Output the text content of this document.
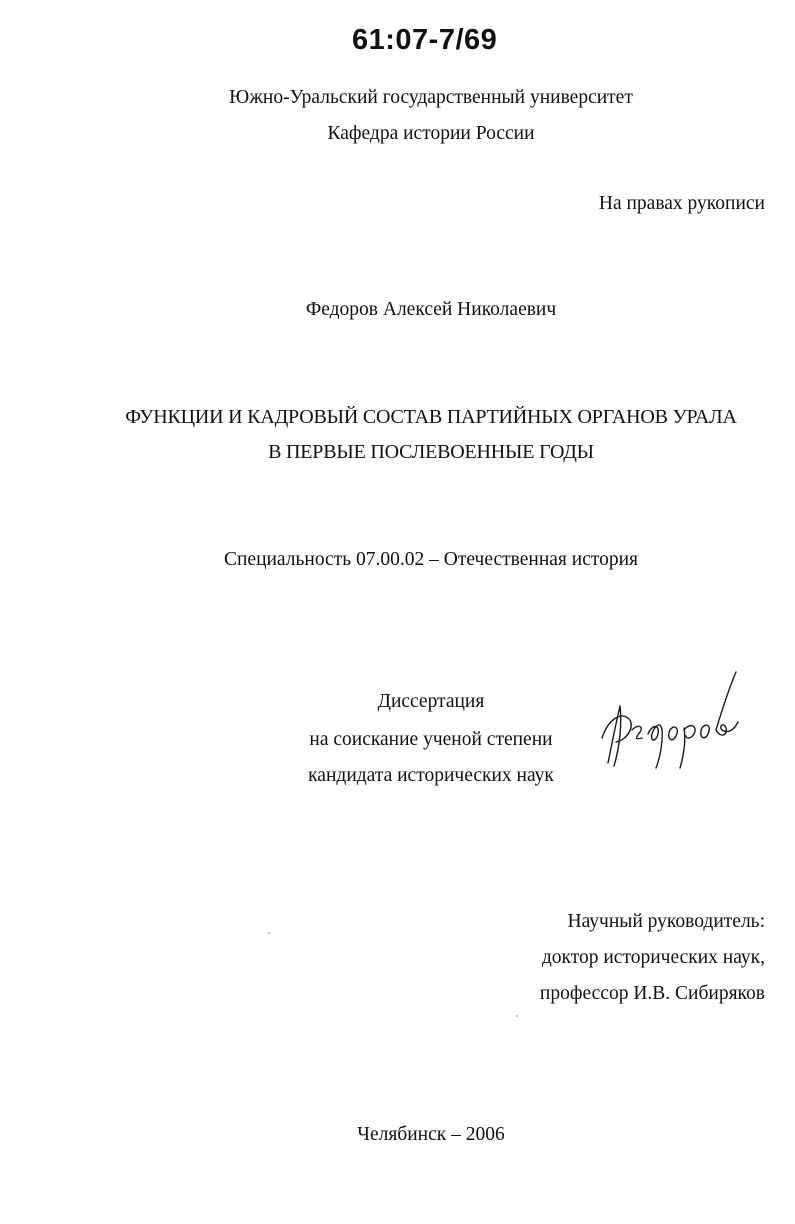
61:07-7/69
Южно-Уральский государственный университет
Кафедра истории России
На правах рукописи
Федоров Алексей Николаевич
ФУНКЦИИ И КАДРОВЫЙ СОСТАВ ПАРТИЙНЫХ ОРГАНОВ УРАЛА
В ПЕРВЫЕ ПОСЛЕВОЕННЫЕ ГОДЫ
Специальность 07.00.02 – Отечественная история
Диссертация
на соискание ученой степени
кандидата исторических наук
Научный руководитель:
доктор исторических наук,
профессор И.В. Сибиряков
Челябинск – 2006
